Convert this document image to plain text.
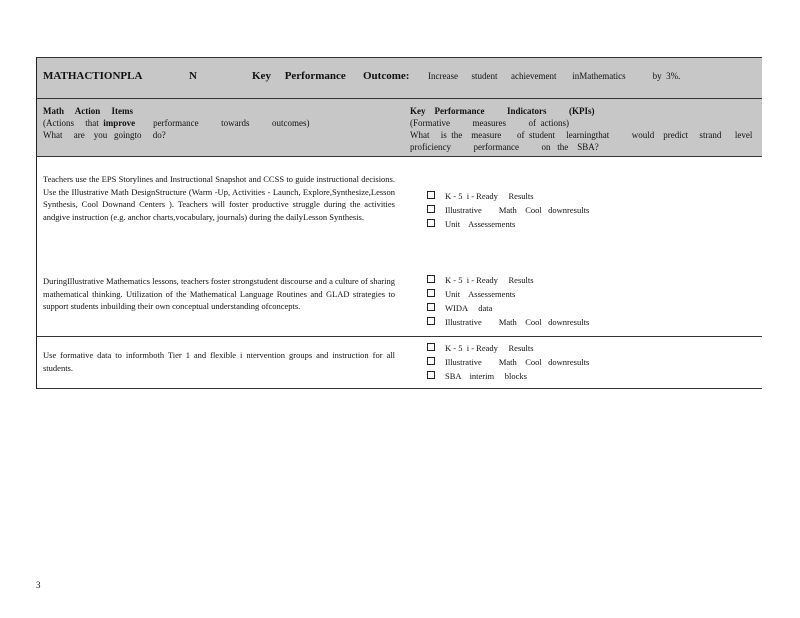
MATHACTIONPLA	N	Key     Performance Outcome: Increase      student      achievement       inMathematics            by  3%.
Math     Action     Items
(Actions     that improve performance          towards          outcomes)
What     are    you   goingto     do?
Key    Performance          Indicators          (KPIs)
(Formative          measures          of  actions)
What     is  the    measure       of  student     learningthat          would    predict     strand      level
proficiency          performance          on   the    SBA?
Teachers use the EPS Storylines and Instructional Snapshot and CCSS to guide instructional decisions. Use the Illustrative Math DesignStructure (Warm -Up, Activities - Launch, Explore,Synthesize,Lesson Synthesis, Cool Downand Centers ). Teachers will foster productive struggle during the activities andgive instruction (e.g. anchor charts,vocabulary, journals) during the dailyLesson Synthesis.
K - 5  i - Ready     Results
Illustrative        Math    Cool   downresults
Unit    Assessements
DuringIllustrative Mathematics lessons, teachers foster strongstudent discourse and a culture of sharing mathematical thinking. Utilization of the Mathematical Language Routines and GLAD strategies to support students inbuilding their own conceptual understanding ofconcepts.
K - 5  i - Ready     Results
Unit    Assessements
WIDA     data
Illustrative        Math    Cool   downresults
Use formative data to informboth Tier 1 and flexible i ntervention groups and instruction for all students.
K - 5  i - Ready     Results
Illustrative        Math    Cool   downresults
SBA    interim     blocks
3
